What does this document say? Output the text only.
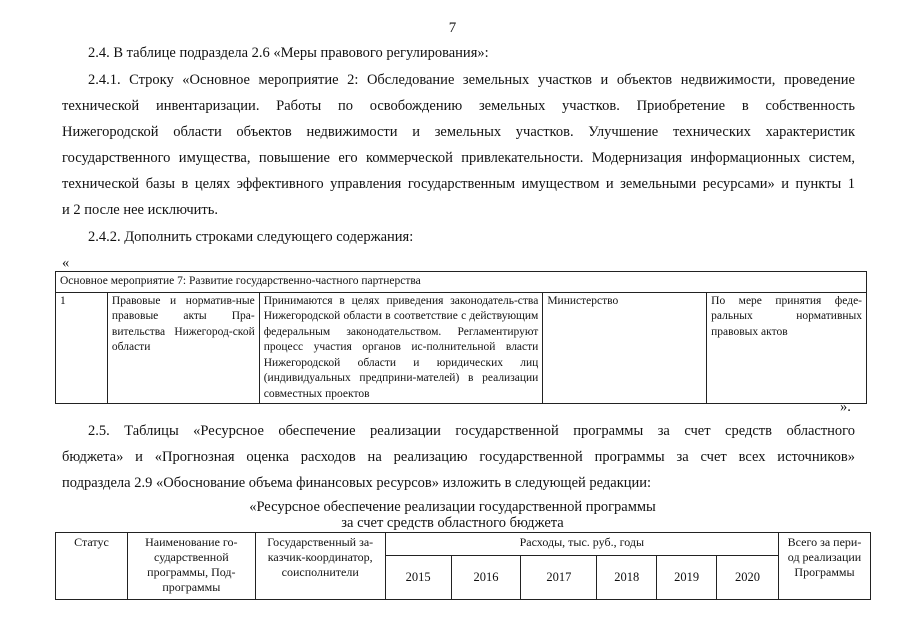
7
2.4. В таблице подраздела 2.6 «Меры правового регулирования»:
2.4.1. Строку «Основное мероприятие 2: Обследование земельных участков и объектов недвижимости, проведение
технической инвентаризации. Работы по освобождению земельных участков. Приобретение в собственность
Нижегородской области объектов недвижимости и земельных участков. Улучшение технических характеристик
государственного имущества, повышение его коммерческой привлекательности. Модернизация информационных систем,
технической базы в целях эффективного управления государственным имуществом и земельными ресурсами» и пункты 1
и 2 после нее исключить.
2.4.2. Дополнить строками следующего содержания:
«
Основное мероприятие 7: Развитие государственно-частного партнерства
1	Правовые и норматив-ные правовые акты Пра-вительства Нижегород-ской области	Принимаются в целях приведения законодатель-ства Нижегородской области в соответствие с действующим федеральным законодательством. Регламентируют процесс участия органов ис-полнительной власти Нижегородской области и юридических лиц (индивидуальных предприни-мателей) в реализации совместных проектов	Министерство	По мере принятия феде-ральных нормативных правовых актов
».
2.5. Таблицы «Ресурсное обеспечение реализации государственной программы за счет средств областного
бюджета» и «Прогнозная оценка расходов на реализацию государственной программы за счет всех источников»
подраздела 2.9 «Обоснование объема финансовых ресурсов» изложить в следующей редакции:
«Ресурсное обеспечение реализации государственной программы
за счет средств областного бюджета
Статус	Наименование го-сударственной программы, Под-программы	Государственный за-казчик-координатор, соисполнители	Расходы, тыс. руб., годы						Всего за пери-од реализации Программы
			2015	2016	2017	2018	2019	2020	
